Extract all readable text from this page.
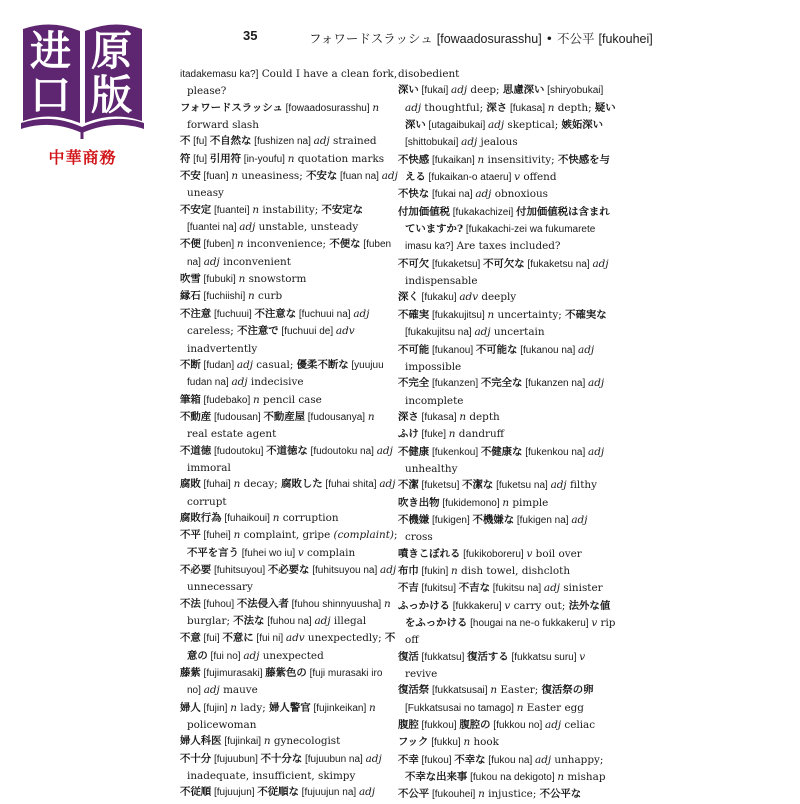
进 原
口 版
中華商務
35	フォワードスラッシュ [fowaadosurasshu] • 不公平 [fukouhei]
itadakemasu ka?] Could I have a clean fork, please?
フォワードスラッシュ [fowaadosurasshu] n forward slash
不 [fu] 不自然な [fushizen na] adj strained
符 [fu] 引用符 [in-youfu] n quotation marks
不安 [fuan] n uneasiness; 不安な [fuan na] adj uneasy
不安定 [fuantei] n instability; 不安定な [fuantei na] adj unstable, unsteady
不便 [fuben] n inconvenience; 不便な [fuben na] adj inconvenient
吹雪 [fubuki] n snowstorm
縁石 [fuchiishi] n curb
不注意 [fuchuui] 不注意な [fuchuui na] adj careless; 不注意で [fuchuui de] adv inadvertently
不断 [fudan] adj casual; 優柔不断な [yuujuu fudan na] adj indecisive
筆箱 [fudebako] n pencil case
不動産 [fudousan] 不動産屋 [fudousanya] n real estate agent
不道徳 [fudoutoku] 不道徳な [fudoutoku na] adj immoral
腐敗 [fuhai] n decay; 腐敗した [fuhai shita] adj corrupt
腐敗行為 [fuhaikoui] n corruption
不平 [fuhei] n complaint, gripe (complaint); 不平を言う [fuhei wo iu] v complain
不必要 [fuhitsuyou] 不必要な [fuhitsuyou na] adj unnecessary
不法 [fuhou] 不法侵入者 [fuhou shinnyuusha] n burglar; 不法な [fuhou na] adj illegal
不意 [fui] 不意に [fui ni] adv unexpectedly; 不意の [fui no] adj unexpected
藤紫 [fujimurasaki] 藤紫色の [fuji murasaki iro no] adj mauve
婦人 [fujin] n lady; 婦人警官 [fujinkeikan] n policewoman
婦人科医 [fujinkai] n gynecologist
不十分 [fujuubun] 不十分な [fujuubun na] adj inadequate, insufficient, skimpy
不従順 [fujuujun] 不従順な [fujuujun na] adj
disobedient
深い [fukai] adj deep; 思慮深い [shiryobukai] adj thoughtful; 深さ [fukasa] n depth; 疑い深い [utagaibukai] adj skeptical; 嫉妬深い [shittobukai] adj jealous
不快感 [fukaikan] n insensitivity; 不快感を与える [fukaikan-o ataeru] v offend
不快な [fukai na] adj obnoxious
付加価値税 [fukakachizei] 付加価値税は含まれていますか? [fukakachi-zei wa fukumarete imasu ka?] Are taxes included?
不可欠 [fukaketsu] 不可欠な [fukaketsu na] adj indispensable
深く [fukaku] adv deeply
不確実 [fukakujitsu] n uncertainty; 不確実な [fukakujitsu na] adj uncertain
不可能 [fukanou] 不可能な [fukanou na] adj impossible
不完全 [fukanzen] 不完全な [fukanzen na] adj incomplete
深さ [fukasa] n depth
ふけ [fuke] n dandruff
不健康 [fukenkou] 不健康な [fukenkou na] adj unhealthy
不潔 [fuketsu] 不潔な [fuketsu na] adj filthy
吹き出物 [fukidemono] n pimple
不機嫌 [fukigen] 不機嫌な [fukigen na] adj cross
噴きこぼれる [fukikoboreru] v boil over
布巾 [fukin] n dish towel, dishcloth
不吉 [fukitsu] 不吉な [fukitsu na] adj sinister
ふっかける [fukkakeru] v carry out; 法外な値をふっかける [hougai na ne-o fukkakeru] v rip off
復活 [fukkatsu] 復活する [fukkatsu suru] v revive
復活祭 [fukkatsusai] n Easter; 復活祭の卵 [Fukkatsusai no tamago] n Easter egg
腹腔 [fukkou] 腹腔の [fukkou no] adj celiac
フック [fukku] n hook
不幸 [fukou] 不幸な [fukou na] adj unhappy; 不幸な出来事 [fukou na dekigoto] n mishap
不公平 [fukouhei] n injustice; 不公平な
